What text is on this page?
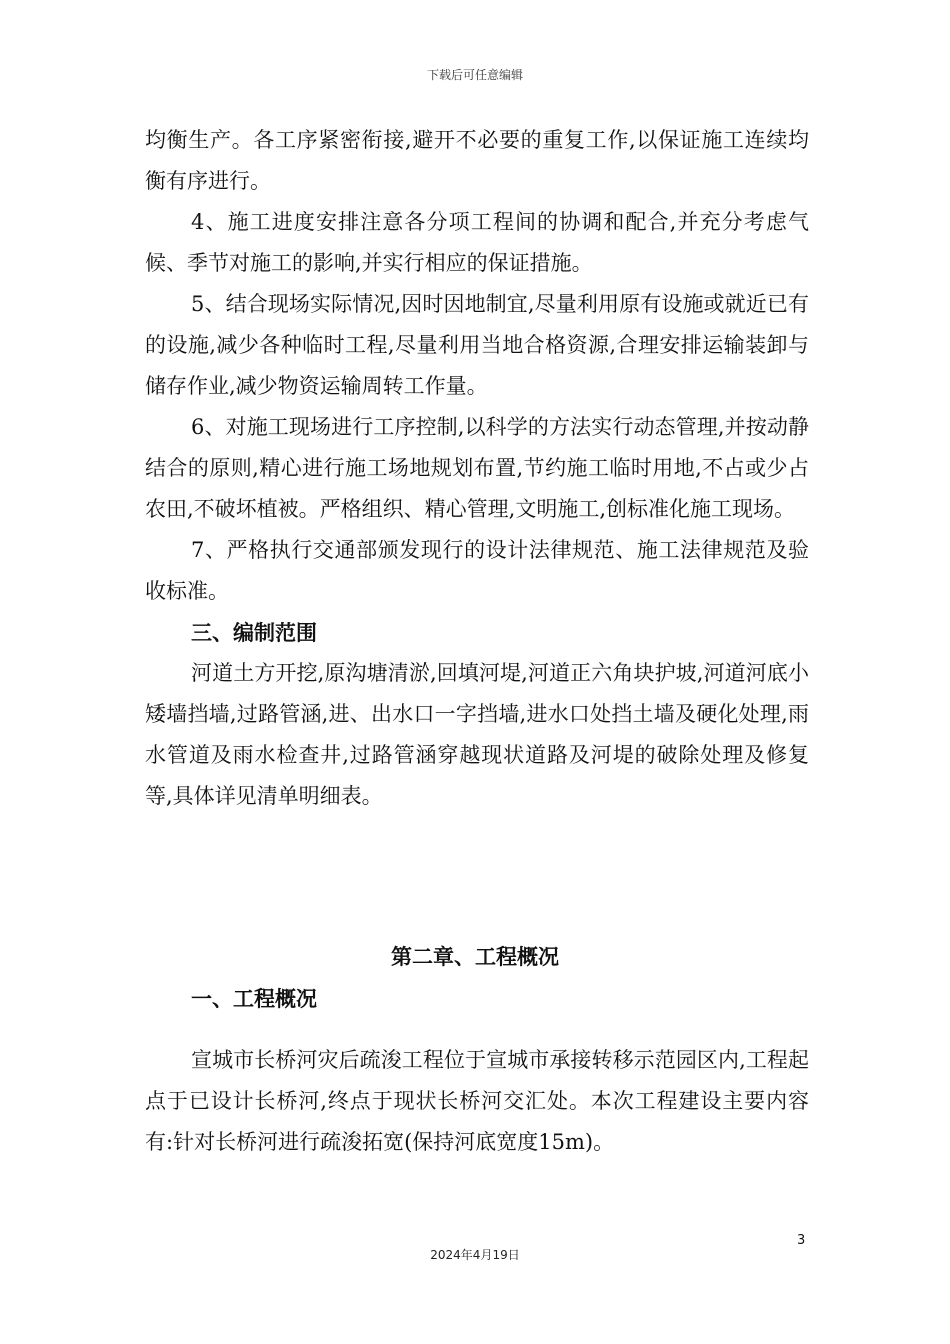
下载后可任意编辑

均衡生产。各工序紧密衔接,避开不必要的重复工作,以保证施工连续均衡有序进行。

4、施工进度安排注意各分项工程间的协调和配合,并充分考虑气候、季节对施工的影响,并实行相应的保证措施。

5、结合现场实际情况,因时因地制宜,尽量利用原有设施或就近已有的设施,减少各种临时工程,尽量利用当地合格资源,合理安排运输装卸与储存作业,减少物资运输周转工作量。

6、对施工现场进行工序控制,以科学的方法实行动态管理,并按动静结合的原则,精心进行施工场地规划布置,节约施工临时用地,不占或少占农田,不破坏植被。严格组织、精心管理,文明施工,创标准化施工现场。

7、严格执行交通部颁发现行的设计法律规范、施工法律规范及验收标准。

三、编制范围

河道土方开挖,原沟塘清淤,回填河堤,河道正六角块护坡,河道河底小矮墙挡墙,过路管涵,进、出水口一字挡墙,进水口处挡土墙及硬化处理,雨水管道及雨水检查井,过路管涵穿越现状道路及河堤的破除处理及修复等,具体详见清单明细表。

第二章、工程概况

一、工程概况

宣城市长桥河灾后疏浚工程位于宣城市承接转移示范园区内,工程起点于已设计长桥河,终点于现状长桥河交汇处。本次工程建设主要内容有:针对长桥河进行疏浚拓宽(保持河底宽度15m)。

3
2024年4月19日
